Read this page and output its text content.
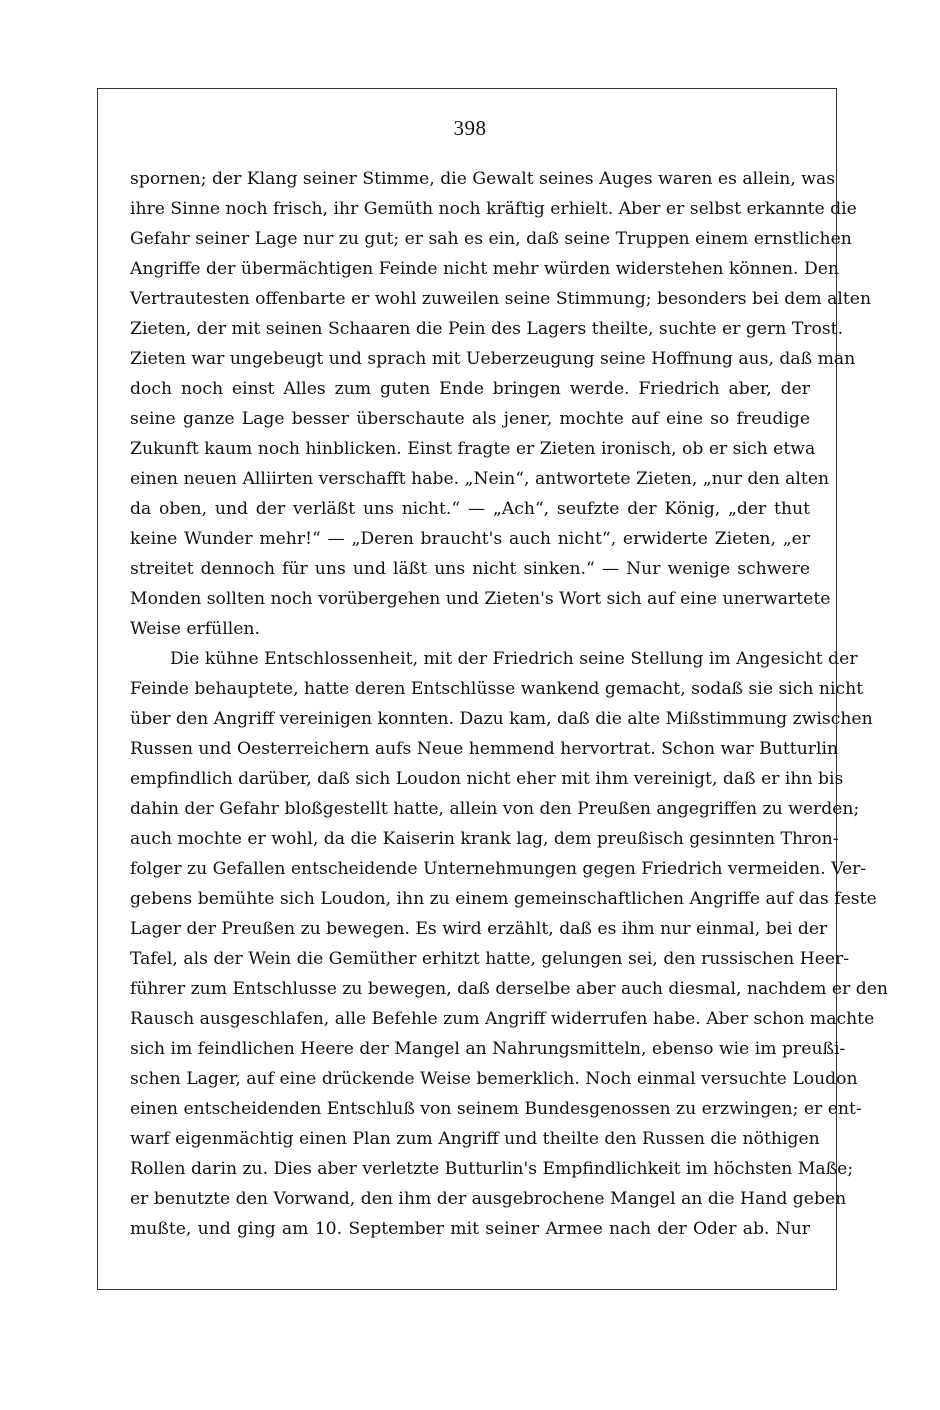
398
spornen; der Klang seiner Stimme, die Gewalt seines Auges waren es allein, was
ihre Sinne noch frisch, ihr Gemüth noch kräftig erhielt. Aber er selbst erkannte die
Gefahr seiner Lage nur zu gut; er sah es ein, daß seine Truppen einem ernstlichen
Angriffe der übermächtigen Feinde nicht mehr würden widerstehen können. Den
Vertrautesten offenbarte er wohl zuweilen seine Stimmung; besonders bei dem alten
Zieten, der mit seinen Schaaren die Pein des Lagers theilte, suchte er gern Trost.
Zieten war ungebeugt und sprach mit Ueberzeugung seine Hoffnung aus, daß man
doch noch einst Alles zum guten Ende bringen werde. Friedrich aber, der
seine ganze Lage besser überschaute als jener, mochte auf eine so freudige
Zukunft kaum noch hinblicken. Einst fragte er Zieten ironisch, ob er sich etwa
einen neuen Alliirten verschafft habe. „Nein“, antwortete Zieten, „nur den alten
da oben, und der verläßt uns nicht.“ — „Ach“, seufzte der König, „der thut
keine Wunder mehr!“ — „Deren braucht's auch nicht“, erwiderte Zieten, „er
streitet dennoch für uns und läßt uns nicht sinken.“ — Nur wenige schwere
Monden sollten noch vorübergehen und Zieten's Wort sich auf eine unerwartete
Weise erfüllen.
Die kühne Entschlossenheit, mit der Friedrich seine Stellung im Angesicht der
Feinde behauptete, hatte deren Entschlüsse wankend gemacht, sodaß sie sich nicht
über den Angriff vereinigen konnten. Dazu kam, daß die alte Mißstimmung zwischen
Russen und Oesterreichern aufs Neue hemmend hervortrat. Schon war Butturlin
empfindlich darüber, daß sich Loudon nicht eher mit ihm vereinigt, daß er ihn bis
dahin der Gefahr bloßgestellt hatte, allein von den Preußen angegriffen zu werden;
auch mochte er wohl, da die Kaiserin krank lag, dem preußisch gesinnten Thron-
folger zu Gefallen entscheidende Unternehmungen gegen Friedrich vermeiden. Ver-
gebens bemühte sich Loudon, ihn zu einem gemeinschaftlichen Angriffe auf das feste
Lager der Preußen zu bewegen. Es wird erzählt, daß es ihm nur einmal, bei der
Tafel, als der Wein die Gemüther erhitzt hatte, gelungen sei, den russischen Heer-
führer zum Entschlusse zu bewegen, daß derselbe aber auch diesmal, nachdem er den
Rausch ausgeschlafen, alle Befehle zum Angriff widerrufen habe. Aber schon machte
sich im feindlichen Heere der Mangel an Nahrungsmitteln, ebenso wie im preußi-
schen Lager, auf eine drückende Weise bemerklich. Noch einmal versuchte Loudon
einen entscheidenden Entschluß von seinem Bundesgenossen zu erzwingen; er ent-
warf eigenmächtig einen Plan zum Angriff und theilte den Russen die nöthigen
Rollen darin zu. Dies aber verletzte Butturlin's Empfindlichkeit im höchsten Maße;
er benutzte den Vorwand, den ihm der ausgebrochene Mangel an die Hand geben
mußte, und ging am 10. September mit seiner Armee nach der Oder ab. Nur
